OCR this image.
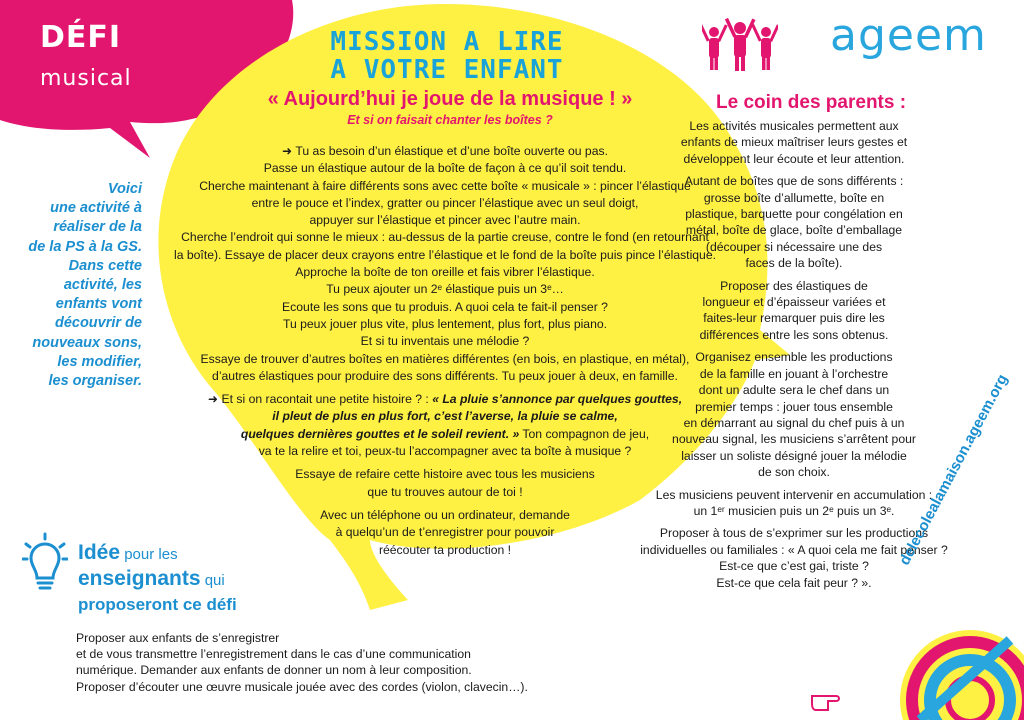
DÉFI
musical
MISSION A LIRE
A VOTRE ENFANT
« Aujourd’hui je joue de la musique ! »
Et si on faisait chanter les boîtes ?

➜ Tu as besoin d’un élastique et d’une boîte ouverte ou pas.
Passe un élastique autour de la boîte de façon à ce qu’il soit tendu.
Cherche maintenant à faire différents sons avec cette boîte « musicale » : pincer l’élastique
entre le pouce et l’index, gratter ou pincer l’élastique avec un seul doigt,
appuyer sur l’élastique et pincer avec l’autre main.
Cherche l’endroit qui sonne le mieux : au-dessus de la partie creuse, contre le fond (en retournant
la boîte). Essaye de placer deux crayons entre l’élastique et le fond de la boîte puis pince l’élastique.
Approche la boîte de ton oreille et fais vibrer l’élastique.
Tu peux ajouter un 2ᵉ élastique puis un 3ᵉ…
Ecoute les sons que tu produis. A quoi cela te fait-il penser ?
Tu peux jouer plus vite, plus lentement, plus fort, plus piano.
Et si tu inventais une mélodie ?
Essaye de trouver d’autres boîtes en matières différentes (en bois, en plastique, en métal),
d’autres élastiques pour produire des sons différents. Tu peux jouer à deux, en famille.

➜ Et si on racontait une petite histoire ? : « La pluie s’annonce par quelques gouttes,
il pleut de plus en plus fort, c’est l’averse, la pluie se calme,
quelques dernières gouttes et le soleil revient. » Ton compagnon de jeu,
va te la relire et toi, peux-tu l’accompagner avec ta boîte à musique ?

Essaye de refaire cette histoire avec tous les musiciens
que tu trouves autour de toi !

Avec un téléphone ou un ordinateur, demande
à quelqu’un de t’enregistrer pour pouvoir
réécouter ta production !

Voici
une activité à
réaliser de la
de la PS à la GS.
Dans cette
activité, les
enfants vont
découvrir de
nouveaux sons,
les modifier,
les organiser.
ageem
Le coin des parents :

Les activités musicales permettent aux
enfants de mieux maîtriser leurs gestes et
développent leur écoute et leur attention.

Autant de boîtes que de sons différents :
grosse boîte d’allumette, boîte en
plastique, barquette pour congélation en
métal, boîte de glace, boîte d’emballage
(découper si nécessaire une des
faces de la boîte).

Proposer des élastiques de
longueur et d’épaisseur variées et
faites-leur remarquer puis dire les
différences entre les sons obtenus.

Organisez ensemble les productions
de la famille en jouant à l’orchestre
dont un adulte sera le chef dans un
premier temps : jouer tous ensemble
en démarrant au signal du chef puis à un
nouveau signal, les musiciens s’arrêtent pour
laisser un soliste désigné jouer la mélodie
de son choix.

Les musiciens peuvent intervenir en accumulation :
un 1ᵉʳ musicien puis un 2ᵉ puis un 3ᵉ.

Proposer à tous de s’exprimer sur les productions
individuelles ou familiales : « A quoi cela me fait penser ?
Est-ce que c’est gai, triste ?
Est-ce que cela fait peur ? ».

Idée pour les
enseignants qui
proposeront ce défi
Proposer aux enfants de s’enregistrer
et de vous transmettre l’enregistrement dans le cas d’une communication
numérique. Demander aux enfants de donner un nom à leur composition.
Proposer d’écouter une œuvre musicale jouée avec des cordes (violon, clavecin…).
delecolealamaison.ageem.org
